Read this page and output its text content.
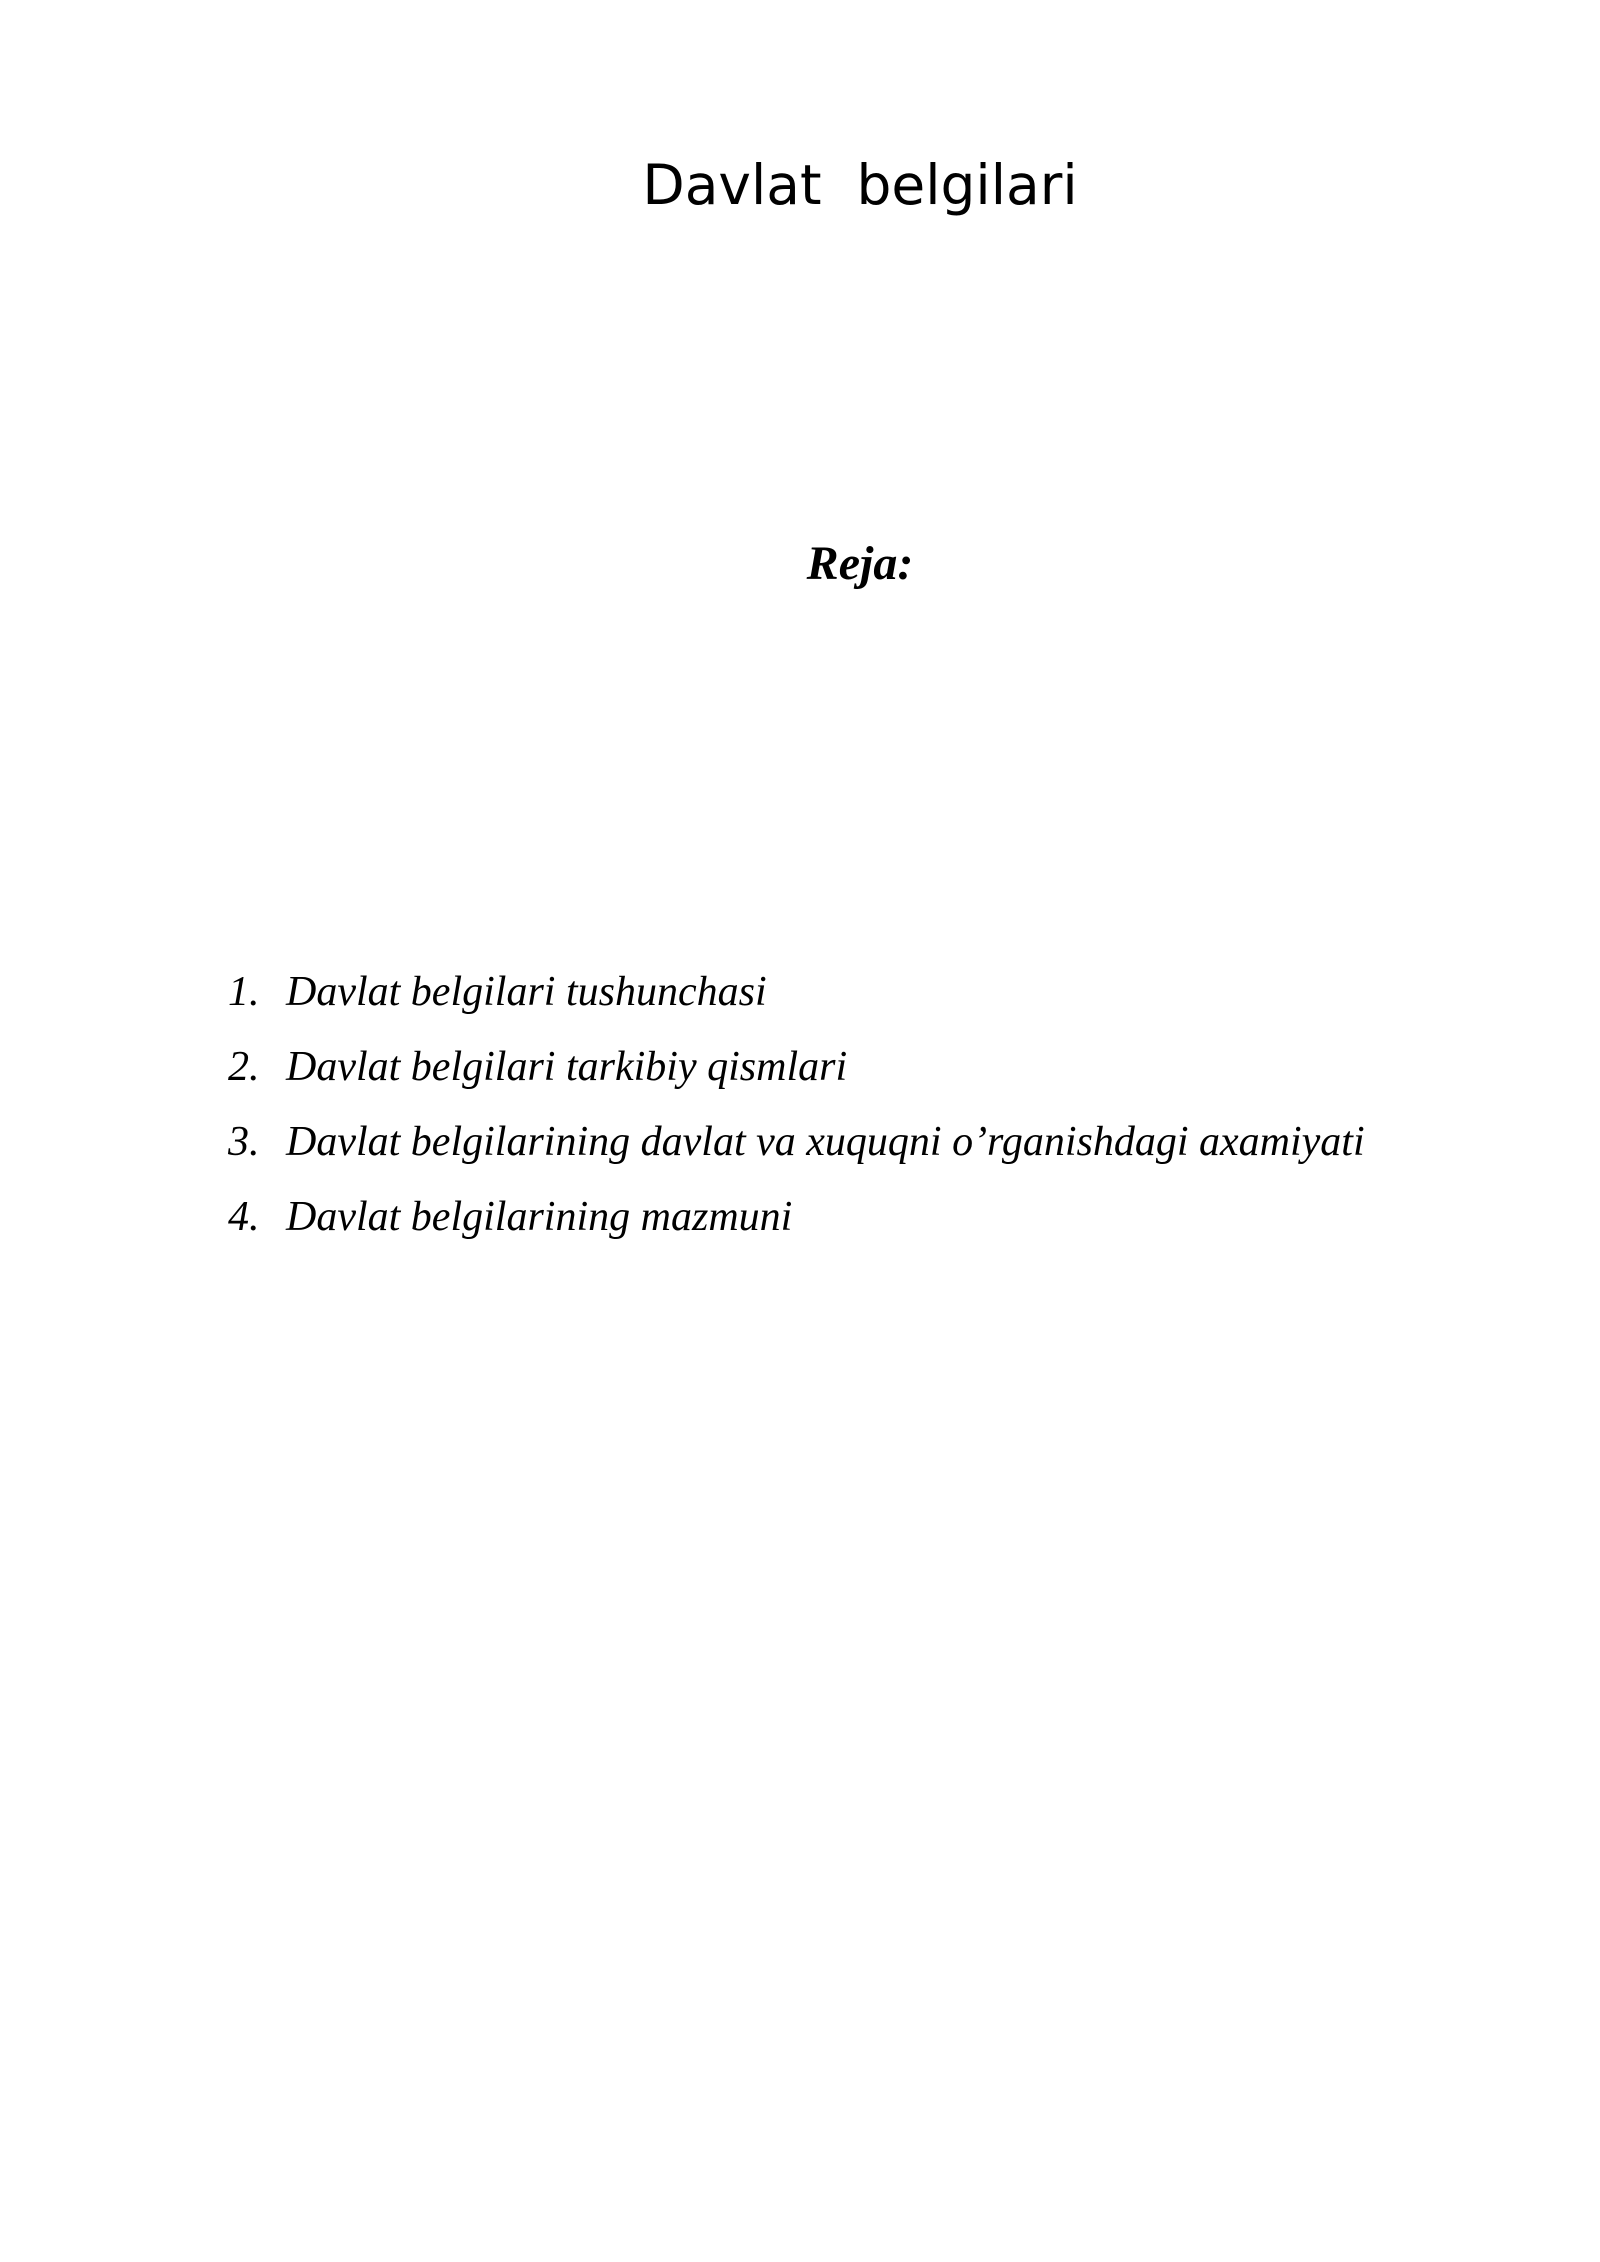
Davlat  belgilari
Reja:
1. Davlat belgilari tushunchasi
2. Davlat belgilari tarkibiy qismlari
3. Davlat belgilarining davlat va xuquqni o’rganishdagi axamiyati
4. Davlat belgilarining mazmuni
